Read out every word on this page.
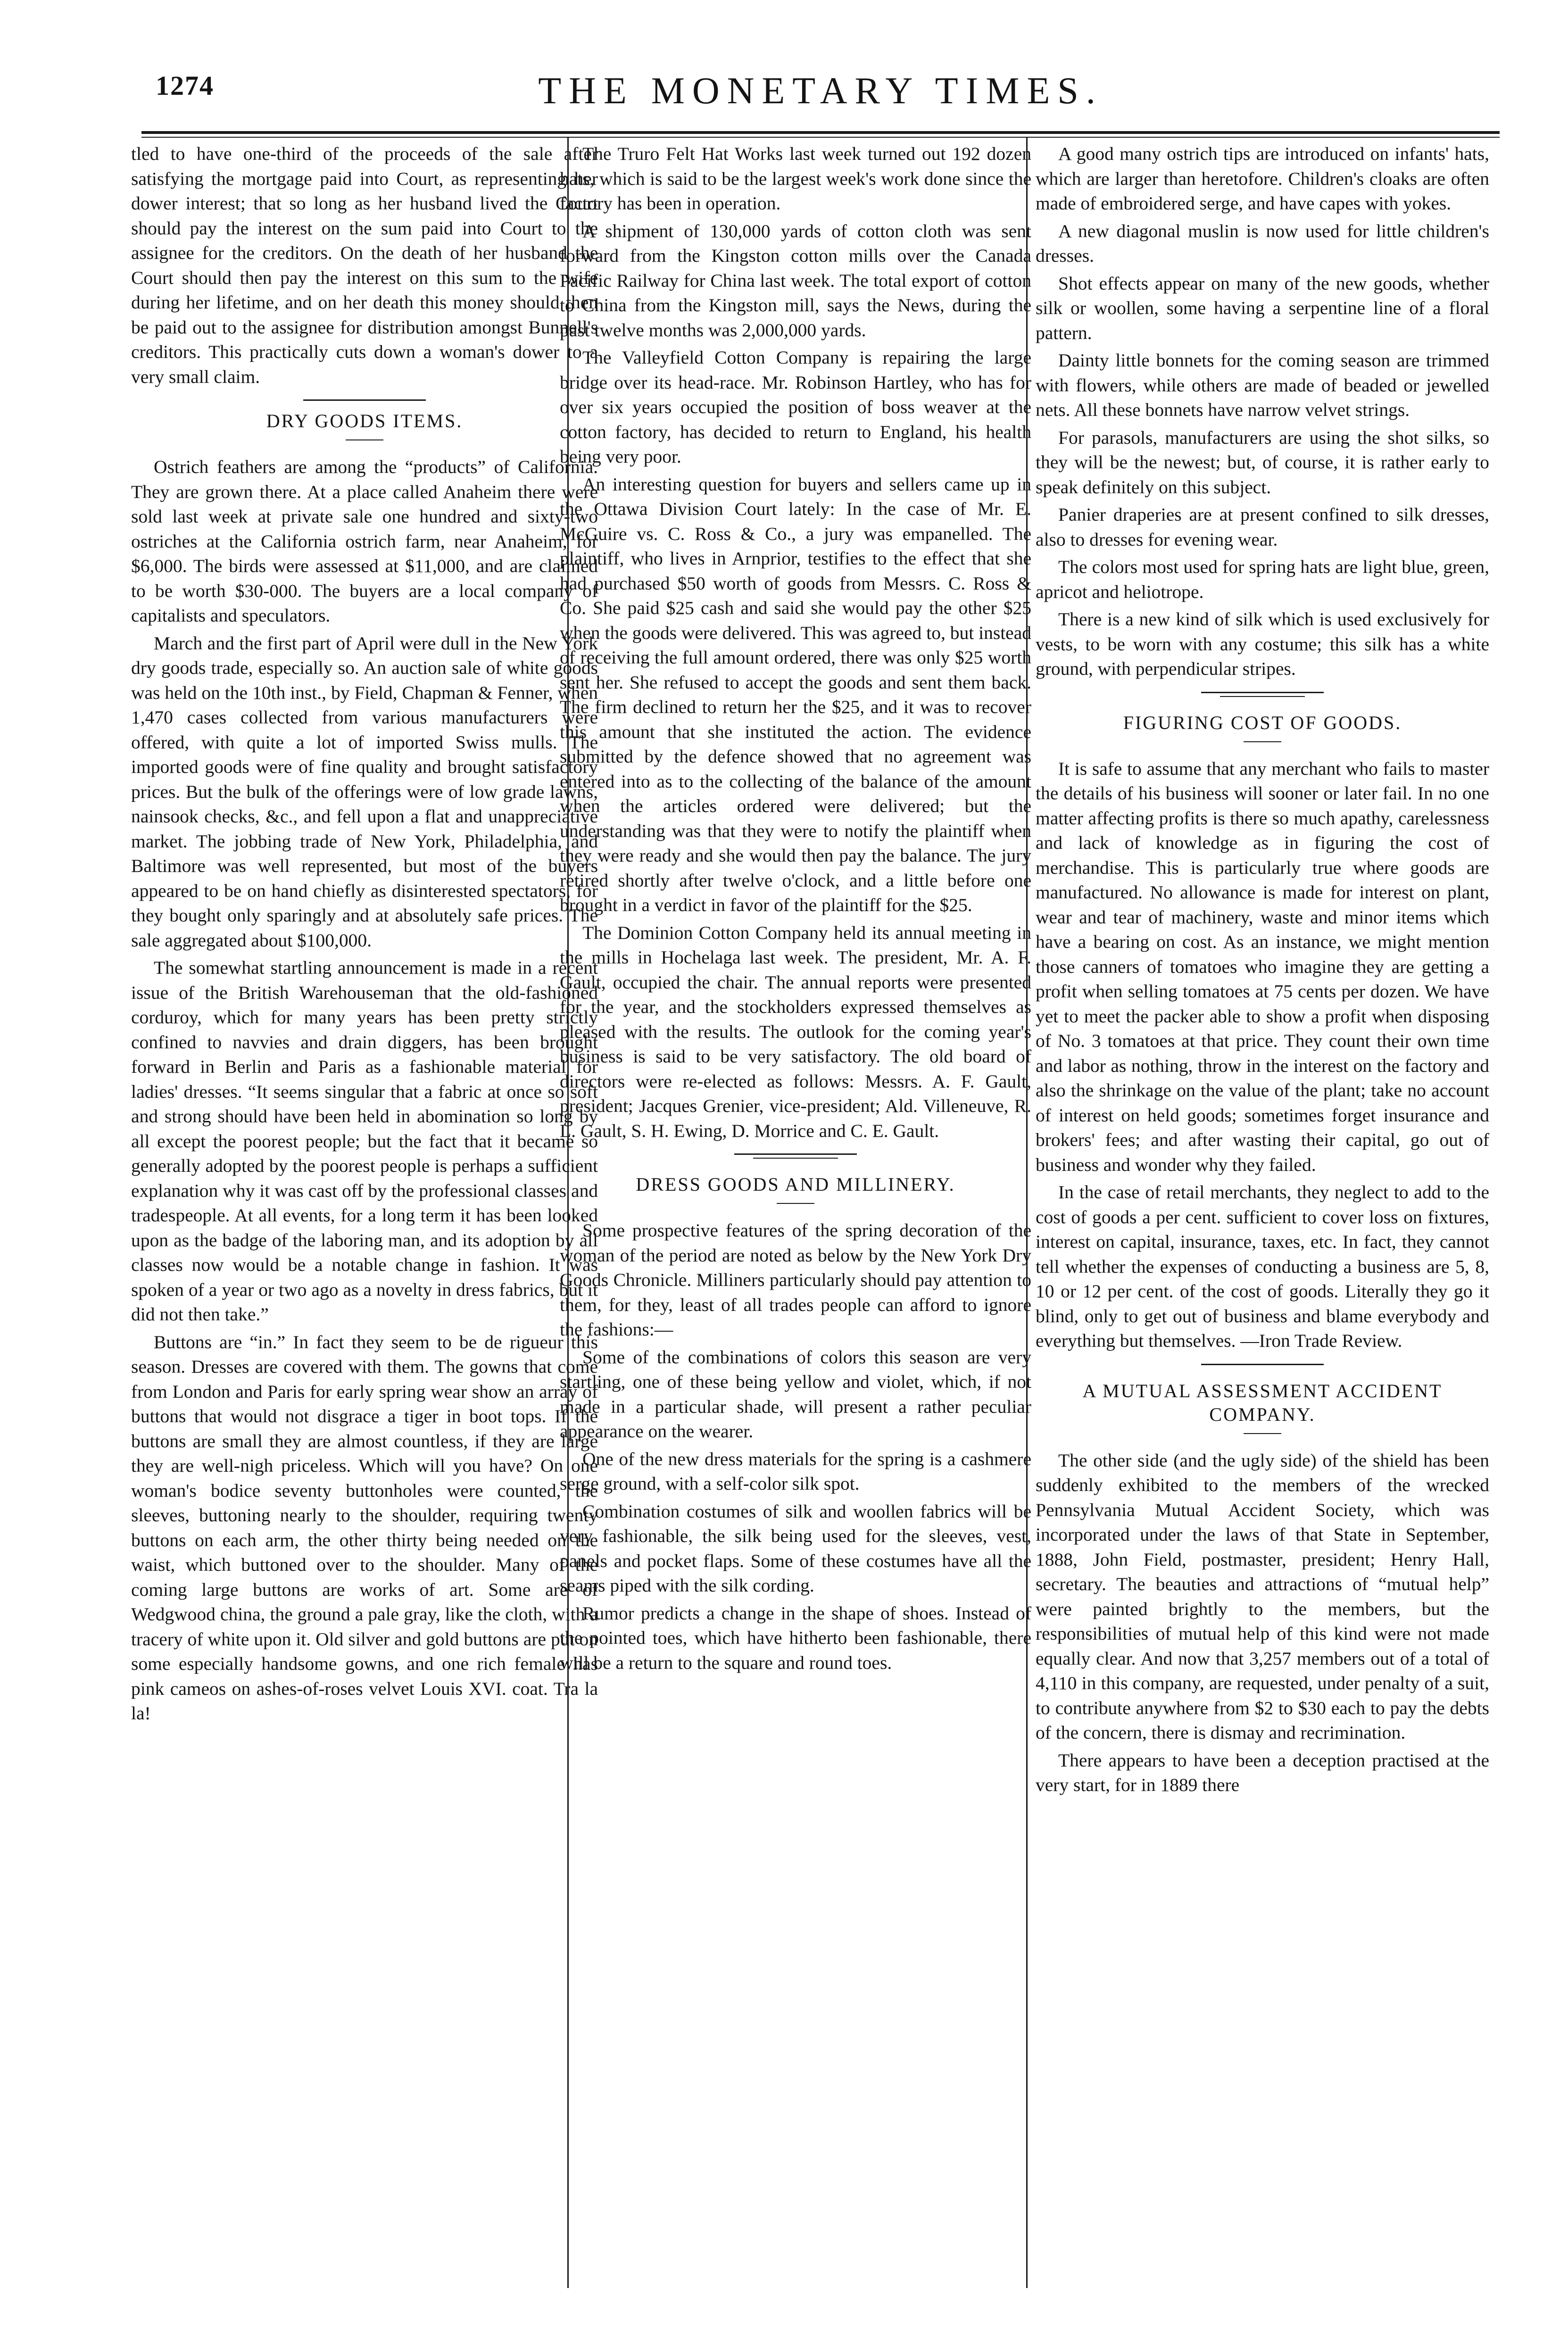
1274	THE MONETARY TIMES.

tled to have one-third of the proceeds of the sale after satisfying the mortgage paid into Court, as representing her dower interest; that so long as her husband lived the Court should pay the interest on the sum paid into Court to the assignee for the creditors. On the death of her husband the Court should then pay the interest on this sum to the wife during her lifetime, and on her death this money should then be paid out to the assignee for distribution amongst Bunnell's creditors. This practically cuts down a woman's dower to a very small claim.

DRY GOODS ITEMS.

Ostrich feathers are among the “products” of California. They are grown there. At a place called Anaheim there were sold last week at private sale one hundred and sixty-two ostriches at the California ostrich farm, near Anaheim, for $6,000. The birds were assessed at $11,000, and are claimed to be worth $30-000. The buyers are a local company of capitalists and speculators.

March and the first part of April were dull in the New York dry goods trade, especially so. An auction sale of white goods was held on the 10th inst., by Field, Chapman & Fenner, when 1,470 cases collected from various manufacturers were offered, with quite a lot of imported Swiss mulls. The imported goods were of fine quality and brought satisfactory prices. But the bulk of the offerings were of low grade lawns, nainsook checks, &c., and fell upon a flat and unappreciative market. The jobbing trade of New York, Philadelphia, and Baltimore was well represented, but most of the buyers appeared to be on hand chiefly as disinterested spectators, for they bought only sparingly and at absolutely safe prices. The sale aggregated about $100,000.

The somewhat startling announcement is made in a recent issue of the British Warehouseman that the old-fashioned corduroy, which for many years has been pretty strictly confined to navvies and drain diggers, has been brought forward in Berlin and Paris as a fashionable material for ladies' dresses. “It seems singular that a fabric at once so soft and strong should have been held in abomination so long by all except the poorest people; but the fact that it became so generally adopted by the poorest people is perhaps a sufficient explanation why it was cast off by the professional classes and tradespeople. At all events, for a long term it has been looked upon as the badge of the laboring man, and its adoption by all classes now would be a notable change in fashion. It was spoken of a year or two ago as a novelty in dress fabrics, but it did not then take.”

Buttons are “in.” In fact they seem to be de rigueur this season. Dresses are covered with them. The gowns that come from London and Paris for early spring wear show an array of buttons that would not disgrace a tiger in boot tops. If the buttons are small they are almost countless, if they are large they are well-nigh priceless. Which will you have? On one woman's bodice seventy buttonholes were counted, the sleeves, buttoning nearly to the shoulder, requiring twenty buttons on each arm, the other thirty being needed on the waist, which buttoned over to the shoulder. Many of the coming large buttons are works of art. Some are of Wedgwood china, the ground a pale gray, like the cloth, with a tracery of white upon it. Old silver and gold buttons are put on some especially handsome gowns, and one rich female has pink cameos on ashes-of-roses velvet Louis XVI. coat. Tra la la!

The Truro Felt Hat Works last week turned out 192 dozen hats, which is said to be the largest week's work done since the factory has been in operation.

A shipment of 130,000 yards of cotton cloth was sent forward from the Kingston cotton mills over the Canada Pacific Railway for China last week. The total export of cotton to China from the Kingston mill, says the News, during the past twelve months was 2,000,000 yards.

The Valleyfield Cotton Company is repairing the large bridge over its head-race. Mr. Robinson Hartley, who has for over six years occupied the position of boss weaver at the cotton factory, has decided to return to England, his health being very poor.

An interesting question for buyers and sellers came up in the Ottawa Division Court lately: In the case of Mr. E. McGuire vs. C. Ross & Co., a jury was empanelled. The plaintiff, who lives in Arnprior, testifies to the effect that she had purchased $50 worth of goods from Messrs. C. Ross & Co. She paid $25 cash and said she would pay the other $25 when the goods were delivered. This was agreed to, but instead of receiving the full amount ordered, there was only $25 worth sent her. She refused to accept the goods and sent them back. The firm declined to return her the $25, and it was to recover this amount that she instituted the action. The evidence submitted by the defence showed that no agreement was entered into as to the collecting of the balance of the amount when the articles ordered were delivered; but the understanding was that they were to notify the plaintiff when they were ready and she would then pay the balance. The jury retired shortly after twelve o'clock, and a little before one brought in a verdict in favor of the plaintiff for the $25.

The Dominion Cotton Company held its annual meeting in the mills in Hochelaga last week. The president, Mr. A. F. Gault, occupied the chair. The annual reports were presented for the year, and the stockholders expressed themselves as pleased with the results. The outlook for the coming year's business is said to be very satisfactory. The old board of directors were re-elected as follows: Messrs. A. F. Gault, president; Jacques Grenier, vice-president; Ald. Villeneuve, R. L. Gault, S. H. Ewing, D. Morrice and C. E. Gault.

DRESS GOODS AND MILLINERY.

Some prospective features of the spring decoration of the woman of the period are noted as below by the New York Dry Goods Chronicle. Milliners particularly should pay attention to them, for they, least of all trades people can afford to ignore the fashions:—

Some of the combinations of colors this season are very startling, one of these being yellow and violet, which, if not made in a particular shade, will present a rather peculiar appearance on the wearer.

One of the new dress materials for the spring is a cashmere serge ground, with a self-color silk spot.

Combination costumes of silk and woollen fabrics will be very fashionable, the silk being used for the sleeves, vest, panels and pocket flaps. Some of these costumes have all the seams piped with the silk cording.

Rumor predicts a change in the shape of shoes. Instead of the pointed toes, which have hitherto been fashionable, there will be a return to the square and round toes.

A good many ostrich tips are introduced on infants' hats, which are larger than heretofore. Children's cloaks are often made of embroidered serge, and have capes with yokes.

A new diagonal muslin is now used for little children's dresses.

Shot effects appear on many of the new goods, whether silk or woollen, some having a serpentine line of a floral pattern.

Dainty little bonnets for the coming season are trimmed with flowers, while others are made of beaded or jewelled nets. All these bonnets have narrow velvet strings.

For parasols, manufacturers are using the shot silks, so they will be the newest; but, of course, it is rather early to speak definitely on this subject.

Panier draperies are at present confined to silk dresses, also to dresses for evening wear.

The colors most used for spring hats are light blue, green, apricot and heliotrope.

There is a new kind of silk which is used exclusively for vests, to be worn with any costume; this silk has a white ground, with perpendicular stripes.

FIGURING COST OF GOODS.

It is safe to assume that any merchant who fails to master the details of his business will sooner or later fail. In no one matter affecting profits is there so much apathy, carelessness and lack of knowledge as in figuring the cost of merchandise. This is particularly true where goods are manufactured. No allowance is made for interest on plant, wear and tear of machinery, waste and minor items which have a bearing on cost. As an instance, we might mention those canners of tomatoes who imagine they are getting a profit when selling tomatoes at 75 cents per dozen. We have yet to meet the packer able to show a profit when disposing of No. 3 tomatoes at that price. They count their own time and labor as nothing, throw in the interest on the factory and also the shrinkage on the value of the plant; take no account of interest on held goods; sometimes forget insurance and brokers' fees; and after wasting their capital, go out of business and wonder why they failed.

In the case of retail merchants, they neglect to add to the cost of goods a per cent. sufficient to cover loss on fixtures, interest on capital, insurance, taxes, etc. In fact, they cannot tell whether the expenses of conducting a business are 5, 8, 10 or 12 per cent. of the cost of goods. Literally they go it blind, only to get out of business and blame everybody and everything but themselves. —Iron Trade Review.

A MUTUAL ASSESSMENT ACCIDENT COMPANY.

The other side (and the ugly side) of the shield has been suddenly exhibited to the members of the wrecked Pennsylvania Mutual Accident Society, which was incorporated under the laws of that State in September, 1888, John Field, postmaster, president; Henry Hall, secretary. The beauties and attractions of “mutual help” were painted brightly to the members, but the responsibilities of mutual help of this kind were not made equally clear. And now that 3,257 members out of a total of 4,110 in this company, are requested, under penalty of a suit, to contribute anywhere from $2 to $30 each to pay the debts of the concern, there is dismay and recrimination.

There appears to have been a deception practised at the very start, for in 1889 there
